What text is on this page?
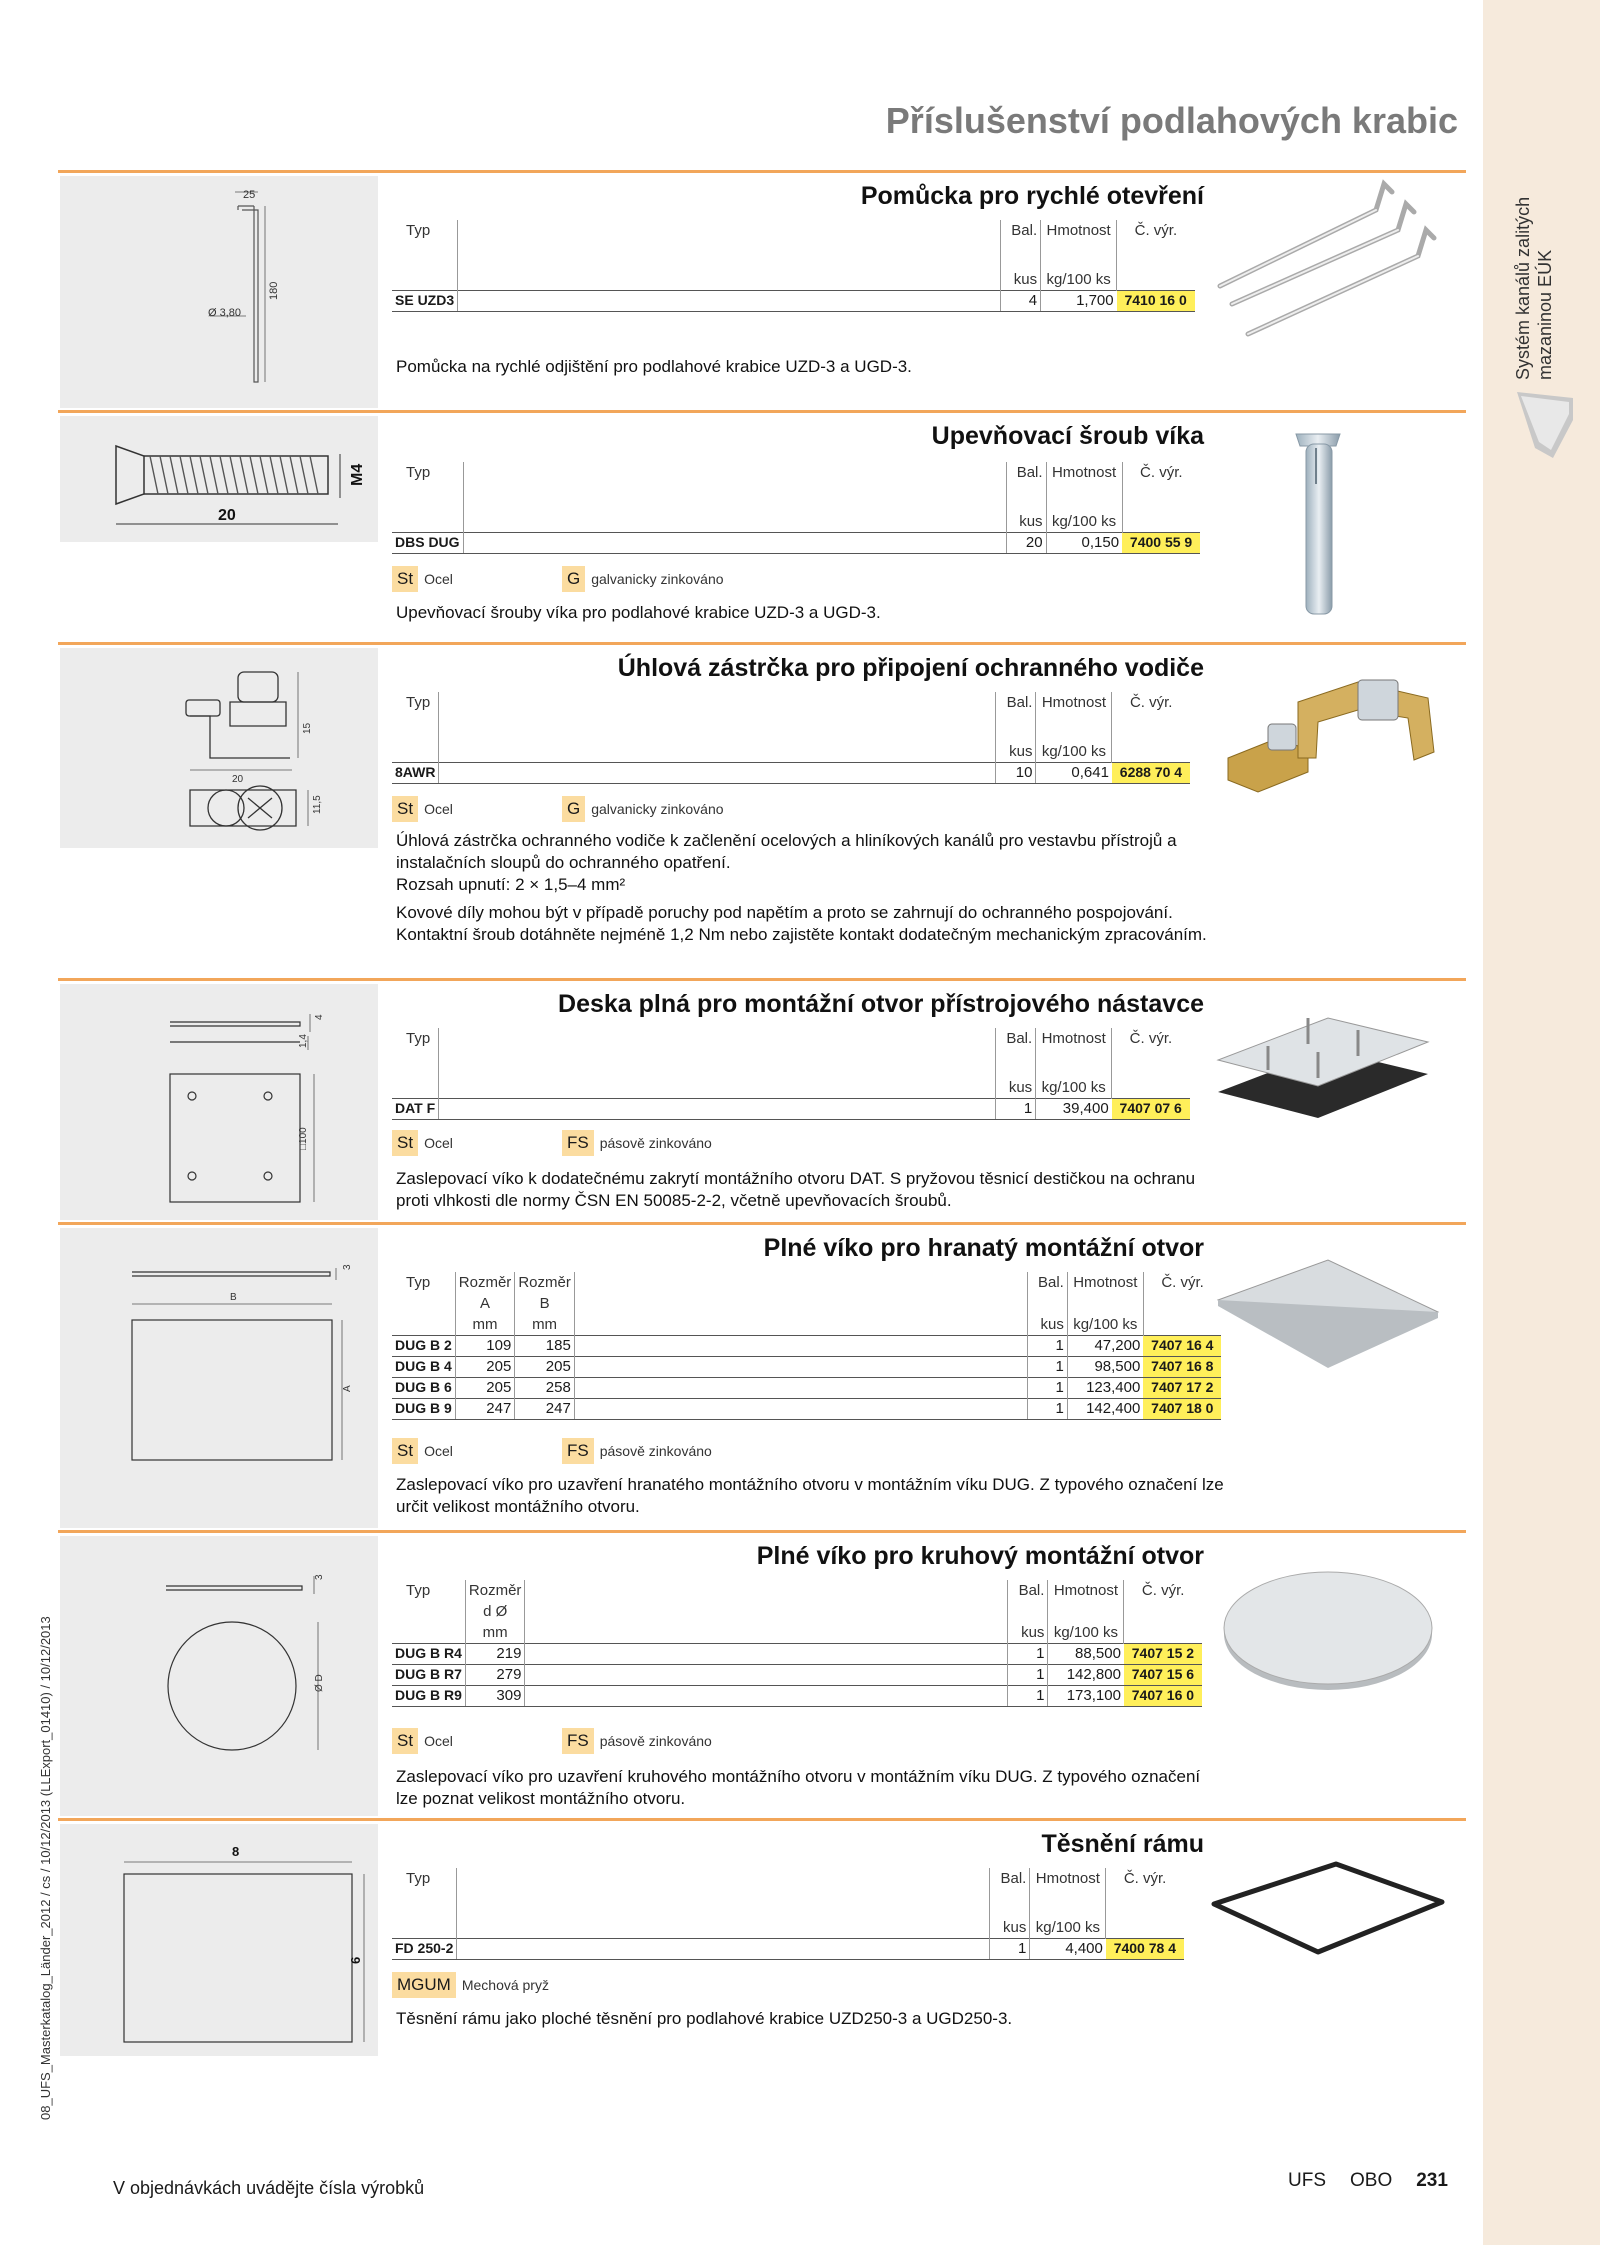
Systém kanálů zalitých mazaninou EÚK
08_UFS_Masterkatalog_Länder_2012 / cs / 10/12/2013 (LLExport_01410) / 10/12/2013
Příslušenství podlahových krabic
25
180
Ø 3,80
Pomůcka pro rychlé otevření
Typ		Bal.	Hmotnost	Č. výr.

		kus	kg/100 ks	
SE UZD3		4	1,700	7410 16 0
Pomůcka na rychlé odjištění pro podlahové krabice UZD-3 a UGD-3.
20
M4
Upevňovací šroub víka
Typ		Bal.	Hmotnost	Č. výr.

		kus	kg/100 ks	
DBS DUG		20	0,150	7400 55 9
St Ocel	G galvanicky zinkováno
Upevňovací šrouby víka pro podlahové krabice UZD-3 a UGD-3.
15
20
11,5
Úhlová zástrčka pro připojení ochranného vodiče
Typ		Bal.	Hmotnost	Č. výr.

		kus	kg/100 ks	
8AWR		10	0,641	6288 70 4
St Ocel	G galvanicky zinkováno
Úhlová zástrčka ochranného vodiče k začlenění ocelových a hliníkových kanálů pro vestavbu přístrojů a instalačních sloupů do ochranného opatření.
Rozsah upnutí: 2 × 1,5–4 mm²
Kovové díly mohou být v případě poruchy pod napětím a proto se zahrnují do ochranného pospojování. Kontaktní šroub dotáhněte nejméně 1,2 Nm nebo zajistěte kontakt dodatečným mechanickým zpracováním.
4
1,4
□100
Deska plná pro montážní otvor přístrojového nástavce
Typ		Bal.	Hmotnost	Č. výr.

		kus	kg/100 ks	
DAT F		1	39,400	7407 07 6
St Ocel	FS pásově zinkováno
Zaslepovací víko k dodatečnému zakrytí montážního otvoru DAT. S pryžovou těsnicí destičkou na ochranu proti vlhkosti dle normy ČSN EN 50085-2-2, včetně upevňovacích šroubů.
B
A
3
Plné víko pro hranatý montážní otvor
Typ	Rozměr	Rozměr		Bal.	Hmotnost	Č. výr.
	A	B				
	mm	mm		kus	kg/100 ks	
DUG B 2	109	185		1	47,200	7407 16 4
DUG B 4	205	205		1	98,500	7407 16 8
DUG B 6	205	258		1	123,400	7407 17 2
DUG B 9	247	247		1	142,400	7407 18 0
St Ocel	FS pásově zinkováno
Zaslepovací víko pro uzavření hranatého montážního otvoru v montážním víku DUG. Z typového označení lze určit velikost montážního otvoru.
Ø D
3
Plné víko pro kruhový montážní otvor
Typ	Rozměr		Bal.	Hmotnost	Č. výr.
	d Ø				
	mm		kus	kg/100 ks	
DUG B R4	219		1	88,500	7407 15 2
DUG B R7	279		1	142,800	7407 15 6
DUG B R9	309		1	173,100	7407 16 0
St Ocel	FS pásově zinkováno
Zaslepovací víko pro uzavření kruhového montážního otvoru v montážním víku DUG. Z typového označení lze poznat velikost montážního otvoru.
8
6
Těsnění rámu
Typ		Bal.	Hmotnost	Č. výr.

		kus	kg/100 ks	
FD 250-2		1	4,400	7400 78 4
MGUM Mechová pryž
Těsnění rámu jako ploché těsnění pro podlahové krabice UZD250-3 a UGD250-3.
V objednávkách uvádějte čísla výrobků	UFS OBO 231
